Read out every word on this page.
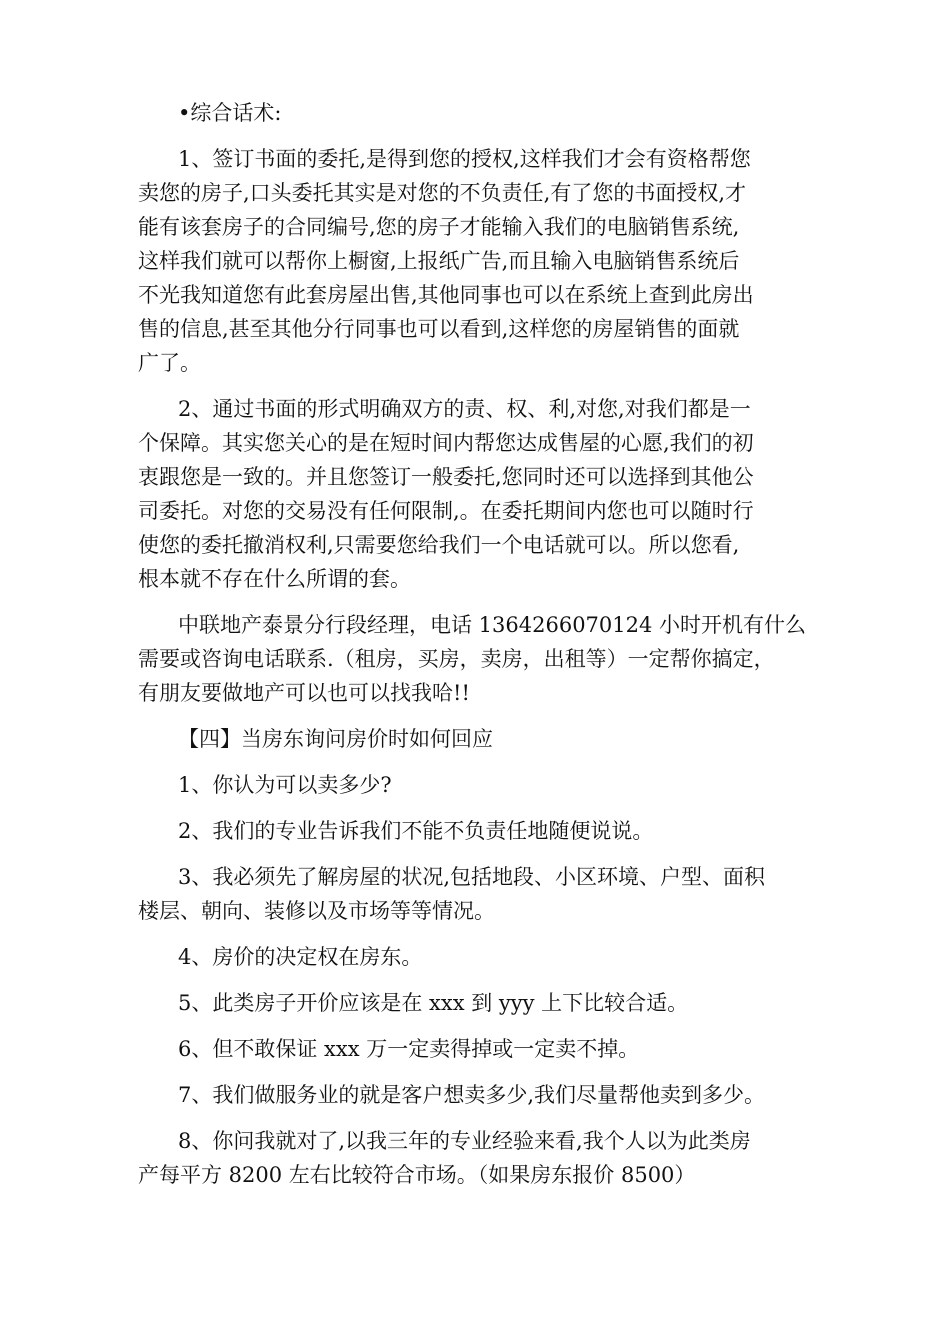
•综合话术:

1、签订书面的委托,是得到您的授权,这样我们才会有资格帮您
卖您的房子,口头委托其实是对您的不负责任,有了您的书面授权,才
能有该套房子的合同编号,您的房子才能输入我们的电脑销售系统,
这样我们就可以帮你上橱窗,上报纸广告,而且输入电脑销售系统后
不光我知道您有此套房屋出售,其他同事也可以在系统上查到此房出
售的信息,甚至其他分行同事也可以看到,这样您的房屋销售的面就
广了。

2、通过书面的形式明确双方的责、权、利,对您,对我们都是一
个保障。其实您关心的是在短时间内帮您达成售屋的心愿,我们的初
衷跟您是一致的。并且您签订一般委托,您同时还可以选择到其他公
司委托。对您的交易没有任何限制,。在委托期间内您也可以随时行
使您的委托撤消权利,只需要您给我们一个电话就可以。所以您看,
根本就不存在什么所谓的套。

中联地产泰景分行段经理，电话 1364266070124 小时开机有什么
需要或咨询电话联系.（租房，买房，卖房，出租等）一定帮你搞定，
有朋友要做地产可以也可以找我哈!!

【四】当房东询问房价时如何回应

1、你认为可以卖多少?

2、我们的专业告诉我们不能不负责任地随便说说。

3、我必须先了解房屋的状况,包括地段、小区环境、户型、面积
楼层、朝向、装修以及市场等等情况。

4、房价的决定权在房东。

5、此类房子开价应该是在 xxx 到 yyy 上下比较合适。

6、但不敢保证 xxx 万一定卖得掉或一定卖不掉。

7、我们做服务业的就是客户想卖多少,我们尽量帮他卖到多少。

8、你问我就对了,以我三年的专业经验来看,我个人以为此类房
产每平方 8200 左右比较符合市场。（如果房东报价 8500）
